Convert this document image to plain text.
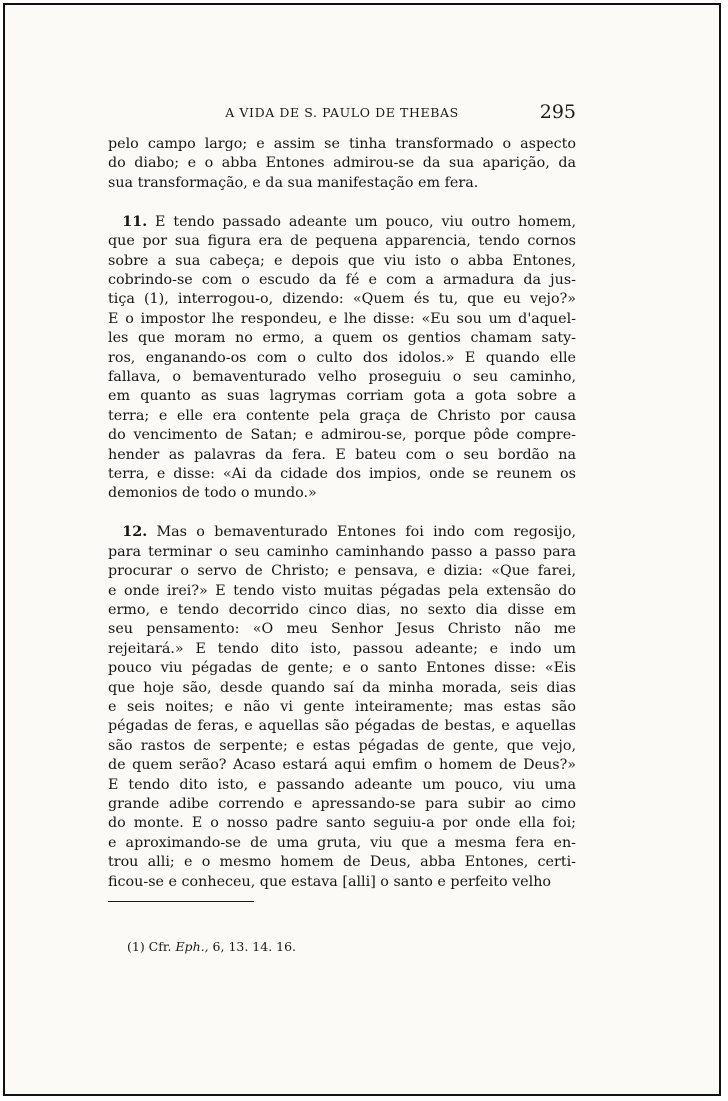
A VIDA DE S. PAULO DE THEBAS	295
pelo campo largo; e assim se tinha transformado o aspecto
do diabo; e o abba Entones admirou-se da sua aparição, da
sua transformação, e da sua manifestação em fera.
 11. E tendo passado adeante um pouco, viu outro homem,
que por sua figura era de pequena apparencia, tendo cornos
sobre a sua cabeça; e depois que viu isto o abba Entones,
cobrindo-se com o escudo da fé e com a armadura da jus-
tiça (1), interrogou-o, dizendo: «Quem és tu, que eu vejo?»
E o impostor lhe respondeu, e lhe disse: «Eu sou um d'aquel-
les que moram no ermo, a quem os gentios chamam saty-
ros, enganando-os com o culto dos idolos.» E quando elle
fallava, o bemaventurado velho proseguiu o seu caminho,
em quanto as suas lagrymas corriam gota a gota sobre a
terra; e elle era contente pela graça de Christo por causa
do vencimento de Satan; e admirou-se, porque pôde compre-
hender as palavras da fera. E bateu com o seu bordão na
terra, e disse: «Ai da cidade dos impios, onde se reunem os
demonios de todo o mundo.»
 12. Mas o bemaventurado Entones foi indo com regosijo,
para terminar o seu caminho caminhando passo a passo para
procurar o servo de Christo; e pensava, e dizia: «Que farei,
e onde irei?» E tendo visto muitas pégadas pela extensão do
ermo, e tendo decorrido cinco dias, no sexto dia disse em
seu pensamento: «O meu Senhor Jesus Christo não me
rejeitará.» E tendo dito isto, passou adeante; e indo um
pouco viu pégadas de gente; e o santo Entones disse: «Eis
que hoje são, desde quando saí da minha morada, seis dias
e seis noites; e não vi gente inteiramente; mas estas são
pégadas de feras, e aquellas são pégadas de bestas, e aquellas
são rastos de serpente; e estas pégadas de gente, que vejo,
de quem serão? Acaso estará aqui emfim o homem de Deus?»
E tendo dito isto, e passando adeante um pouco, viu uma
grande adibe correndo e apressando-se para subir ao cimo
do monte. E o nosso padre santo seguiu-a por onde ella foi;
e aproximando-se de uma gruta, viu que a mesma fera en-
trou alli; e o mesmo homem de Deus, abba Entones, certi-
ficou-se e conheceu, que estava [alli] o santo e perfeito velho
(1) Cfr. Eph., 6, 13. 14. 16.
